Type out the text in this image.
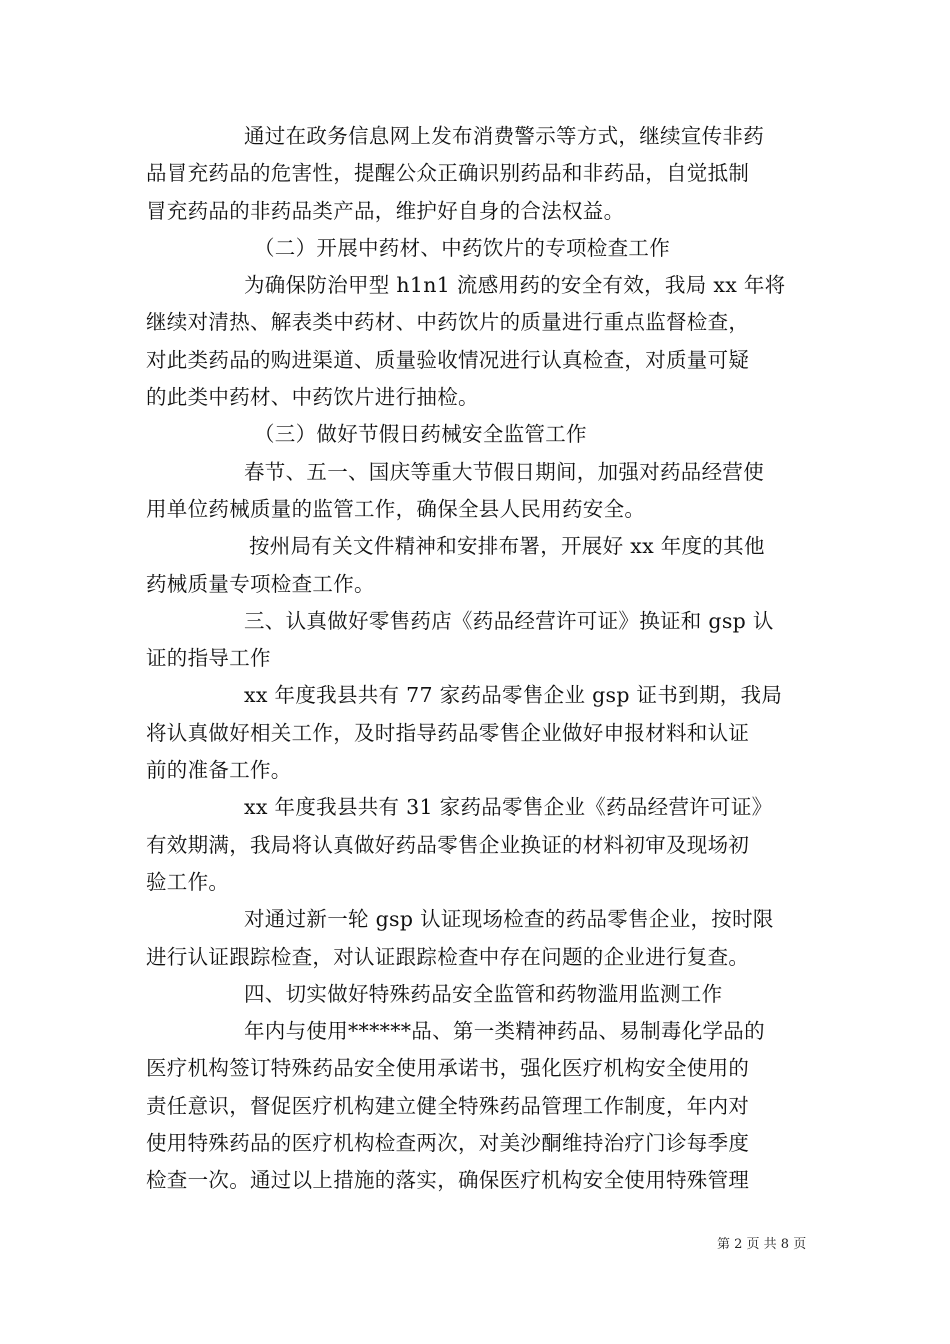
通过在政务信息网上发布消费警示等方式，继续宣传非药
品冒充药品的危害性，提醒公众正确识别药品和非药品，自觉抵制
冒充药品的非药品类产品，维护好自身的合法权益。
（二）开展中药材、中药饮片的专项检查工作
为确保防治甲型 h1n1 流感用药的安全有效，我局 xx 年将
继续对清热、解表类中药材、中药饮片的质量进行重点监督检查，
对此类药品的购进渠道、质量验收情况进行认真检查，对质量可疑
的此类中药材、中药饮片进行抽检。
（三）做好节假日药械安全监管工作
春节、五一、国庆等重大节假日期间，加强对药品经营使
用单位药械质量的监管工作，确保全县人民用药安全。
按州局有关文件精神和安排布署，开展好 xx 年度的其他
药械质量专项检查工作。
三、认真做好零售药店《药品经营许可证》换证和 gsp 认
证的指导工作
xx 年度我县共有 77 家药品零售企业 gsp 证书到期，我局
将认真做好相关工作，及时指导药品零售企业做好申报材料和认证
前的准备工作。
xx 年度我县共有 31 家药品零售企业《药品经营许可证》
有效期满，我局将认真做好药品零售企业换证的材料初审及现场初
验工作。
对通过新一轮 gsp 认证现场检查的药品零售企业，按时限
进行认证跟踪检查，对认证跟踪检查中存在问题的企业进行复查。
四、切实做好特殊药品安全监管和药物滥用监测工作
年内与使用******品、第一类精神药品、易制毒化学品的
医疗机构签订特殊药品安全使用承诺书，强化医疗机构安全使用的
责任意识，督促医疗机构建立健全特殊药品管理工作制度，年内对
使用特殊药品的医疗机构检查两次，对美沙酮维持治疗门诊每季度
检查一次。通过以上措施的落实，确保医疗机构安全使用特殊管理
第 2 页 共 8 页
